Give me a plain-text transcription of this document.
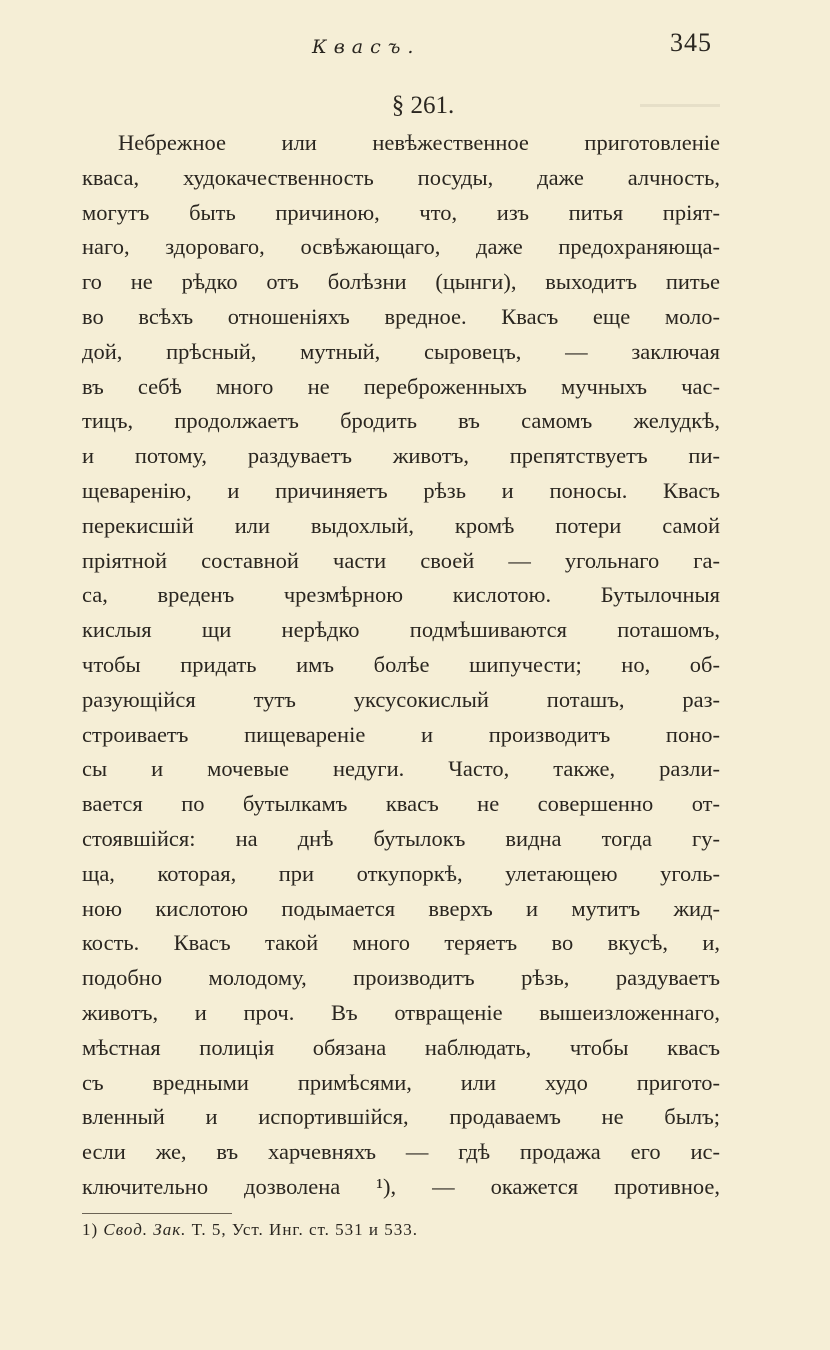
Квасъ.	345
§ 261.
Небрежное или невѣжественное приготовленіе
кваса, худокачественность посуды, даже алчность,
могутъ быть причиною, что, изъ питья пріят-
наго, здороваго, освѣжающаго, даже предохраняюща-
го не рѣдко отъ болѣзни (цынги), выходитъ питье
во всѣхъ отношеніяхъ вредное. Квасъ еще моло-
дой, прѣсный, мутный, сыровецъ, — заключая
въ себѣ много не переброженныхъ мучныхъ час-
тицъ, продолжаетъ бродить въ самомъ желудкѣ,
и потому, раздуваетъ животъ, препятствуетъ пи-
щеваренію, и причиняетъ рѣзь и поносы. Квасъ
перекисшій или выдохлый, кромѣ потери самой
пріятной составной части своей — угольнаго га-
са, вреденъ чрезмѣрною кислотою. Бутылочныя
кислыя щи нерѣдко подмѣшиваются поташомъ,
чтобы придать имъ болѣе шипучести; но, об-
разующійся тутъ уксусокислый поташъ, раз-
строиваетъ пищевареніе и производитъ поно-
сы и мочевые недуги. Часто, также, разли-
вается по бутылкамъ квасъ не совершенно от-
стоявшійся: на днѣ бутылокъ видна тогда гу-
ща, которая, при откупоркѣ, улетающею уголь-
ною кислотою подымается вверхъ и мутитъ жид-
кость. Квасъ такой много теряетъ во вкусѣ, и,
подобно молодому, производитъ рѣзь, раздуваетъ
животъ, и проч. Въ отвращеніе вышеизложеннаго,
мѣстная полиція обязана наблюдать, чтобы квасъ
съ вредными примѣсями, или худо пригото-
вленный и испортившійся, продаваемъ не былъ;
если же, въ харчевняхъ — гдѣ продажа его ис-
ключительно дозволена ¹), — окажется противное,
1) Свод. Зак. Т. 5, Уст. Инг. ст. 531 и 533.
